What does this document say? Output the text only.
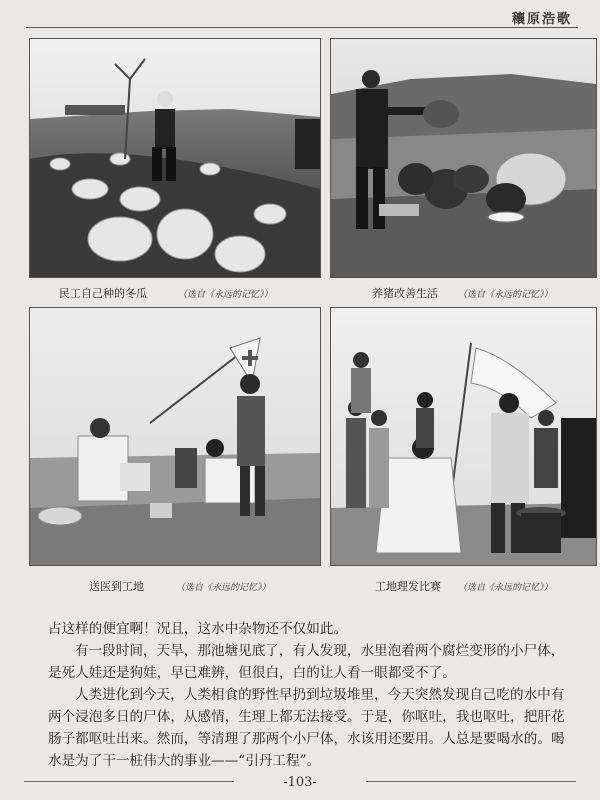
穰原浩歌
民工自己种的冬瓜	（选自《永远的记忆》）	养猪改善生活 （选自《永远的记忆》）
送医到工地	（选自《永远的记忆》）	工地理发比赛 （选自《永远的记忆》）

占这样的便宜啊！况且，这水中杂物还不仅如此。

有一段时间，天旱，那池塘见底了，有人发现，水里泡着两个腐烂变形的小尸体，是死人娃还是狗娃，早已难辨，但很白，白的让人看一眼都受不了。

人类进化到今天，人类相食的野性早扔到垃圾堆里，今天突然发现自己吃的水中有两个浸泡多日的尸体，从感情，生理上都无法接受。于是，你呕吐，我也呕吐，把肝花肠子都呕吐出来。然而，等清理了那两个小尸体，水该用还要用。人总是要喝水的。喝水是为了干一桩伟大的事业——“引丹工程”。

-103-
